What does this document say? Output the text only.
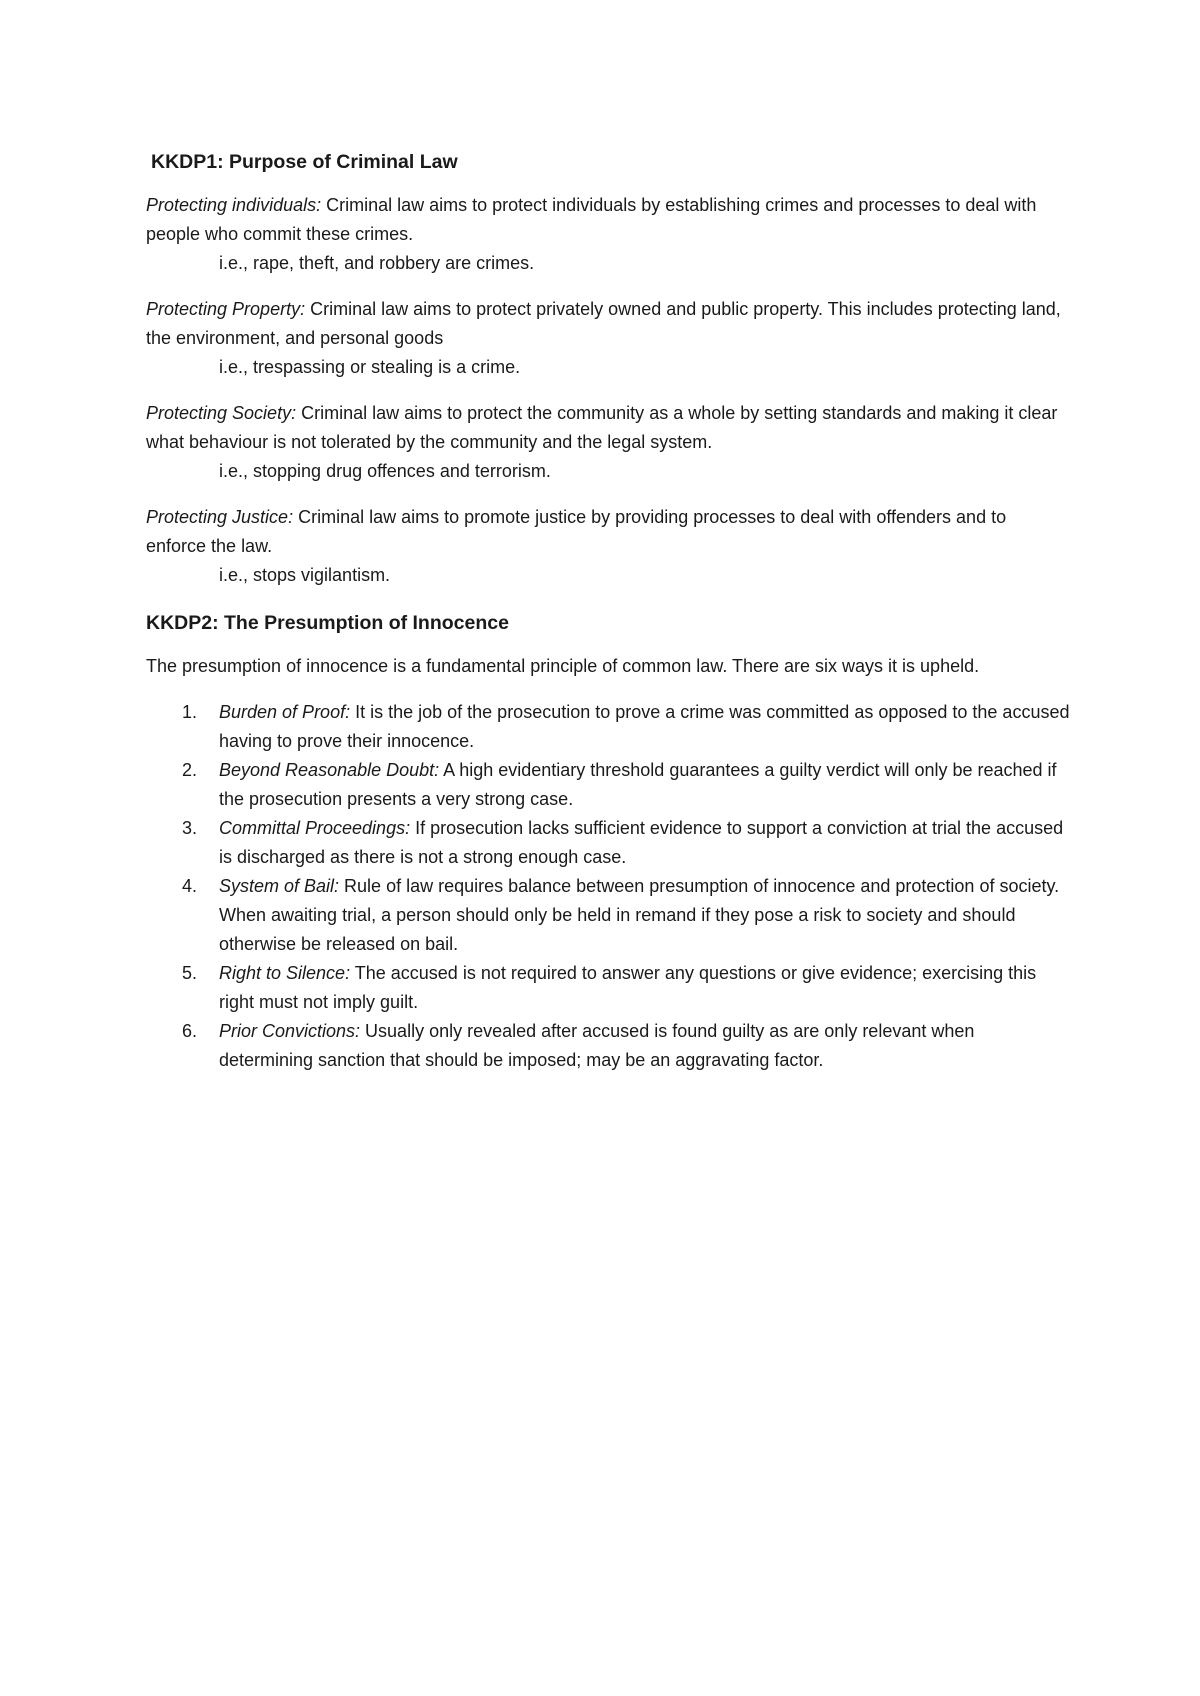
KKDP1: Purpose of Criminal Law

Protecting individuals: Criminal law aims to protect individuals by establishing crimes and processes to deal with people who commit these crimes.

i.e., rape, theft, and robbery are crimes.

Protecting Property: Criminal law aims to protect privately owned and public property. This includes protecting land, the environment, and personal goods

i.e., trespassing or stealing is a crime.

Protecting Society: Criminal law aims to protect the community as a whole by setting standards and making it clear what behaviour is not tolerated by the community and the legal system.

i.e., stopping drug offences and terrorism.

Protecting Justice: Criminal law aims to promote justice by providing processes to deal with offenders and to enforce the law.

i.e., stops vigilantism.

KKDP2: The Presumption of Innocence

The presumption of innocence is a fundamental principle of common law. There are six ways it is upheld.

1. Burden of Proof: It is the job of the prosecution to prove a crime was committed as opposed to the accused having to prove their innocence.
2. Beyond Reasonable Doubt: A high evidentiary threshold guarantees a guilty verdict will only be reached if the prosecution presents a very strong case.
3. Committal Proceedings: If prosecution lacks sufficient evidence to support a conviction at trial the accused is discharged as there is not a strong enough case.
4. System of Bail: Rule of law requires balance between presumption of innocence and protection of society. When awaiting trial, a person should only be held in remand if they pose a risk to society and should otherwise be released on bail.
5. Right to Silence: The accused is not required to answer any questions or give evidence; exercising this right must not imply guilt.
6. Prior Convictions: Usually only revealed after accused is found guilty as are only relevant when determining sanction that should be imposed; may be an aggravating factor.
